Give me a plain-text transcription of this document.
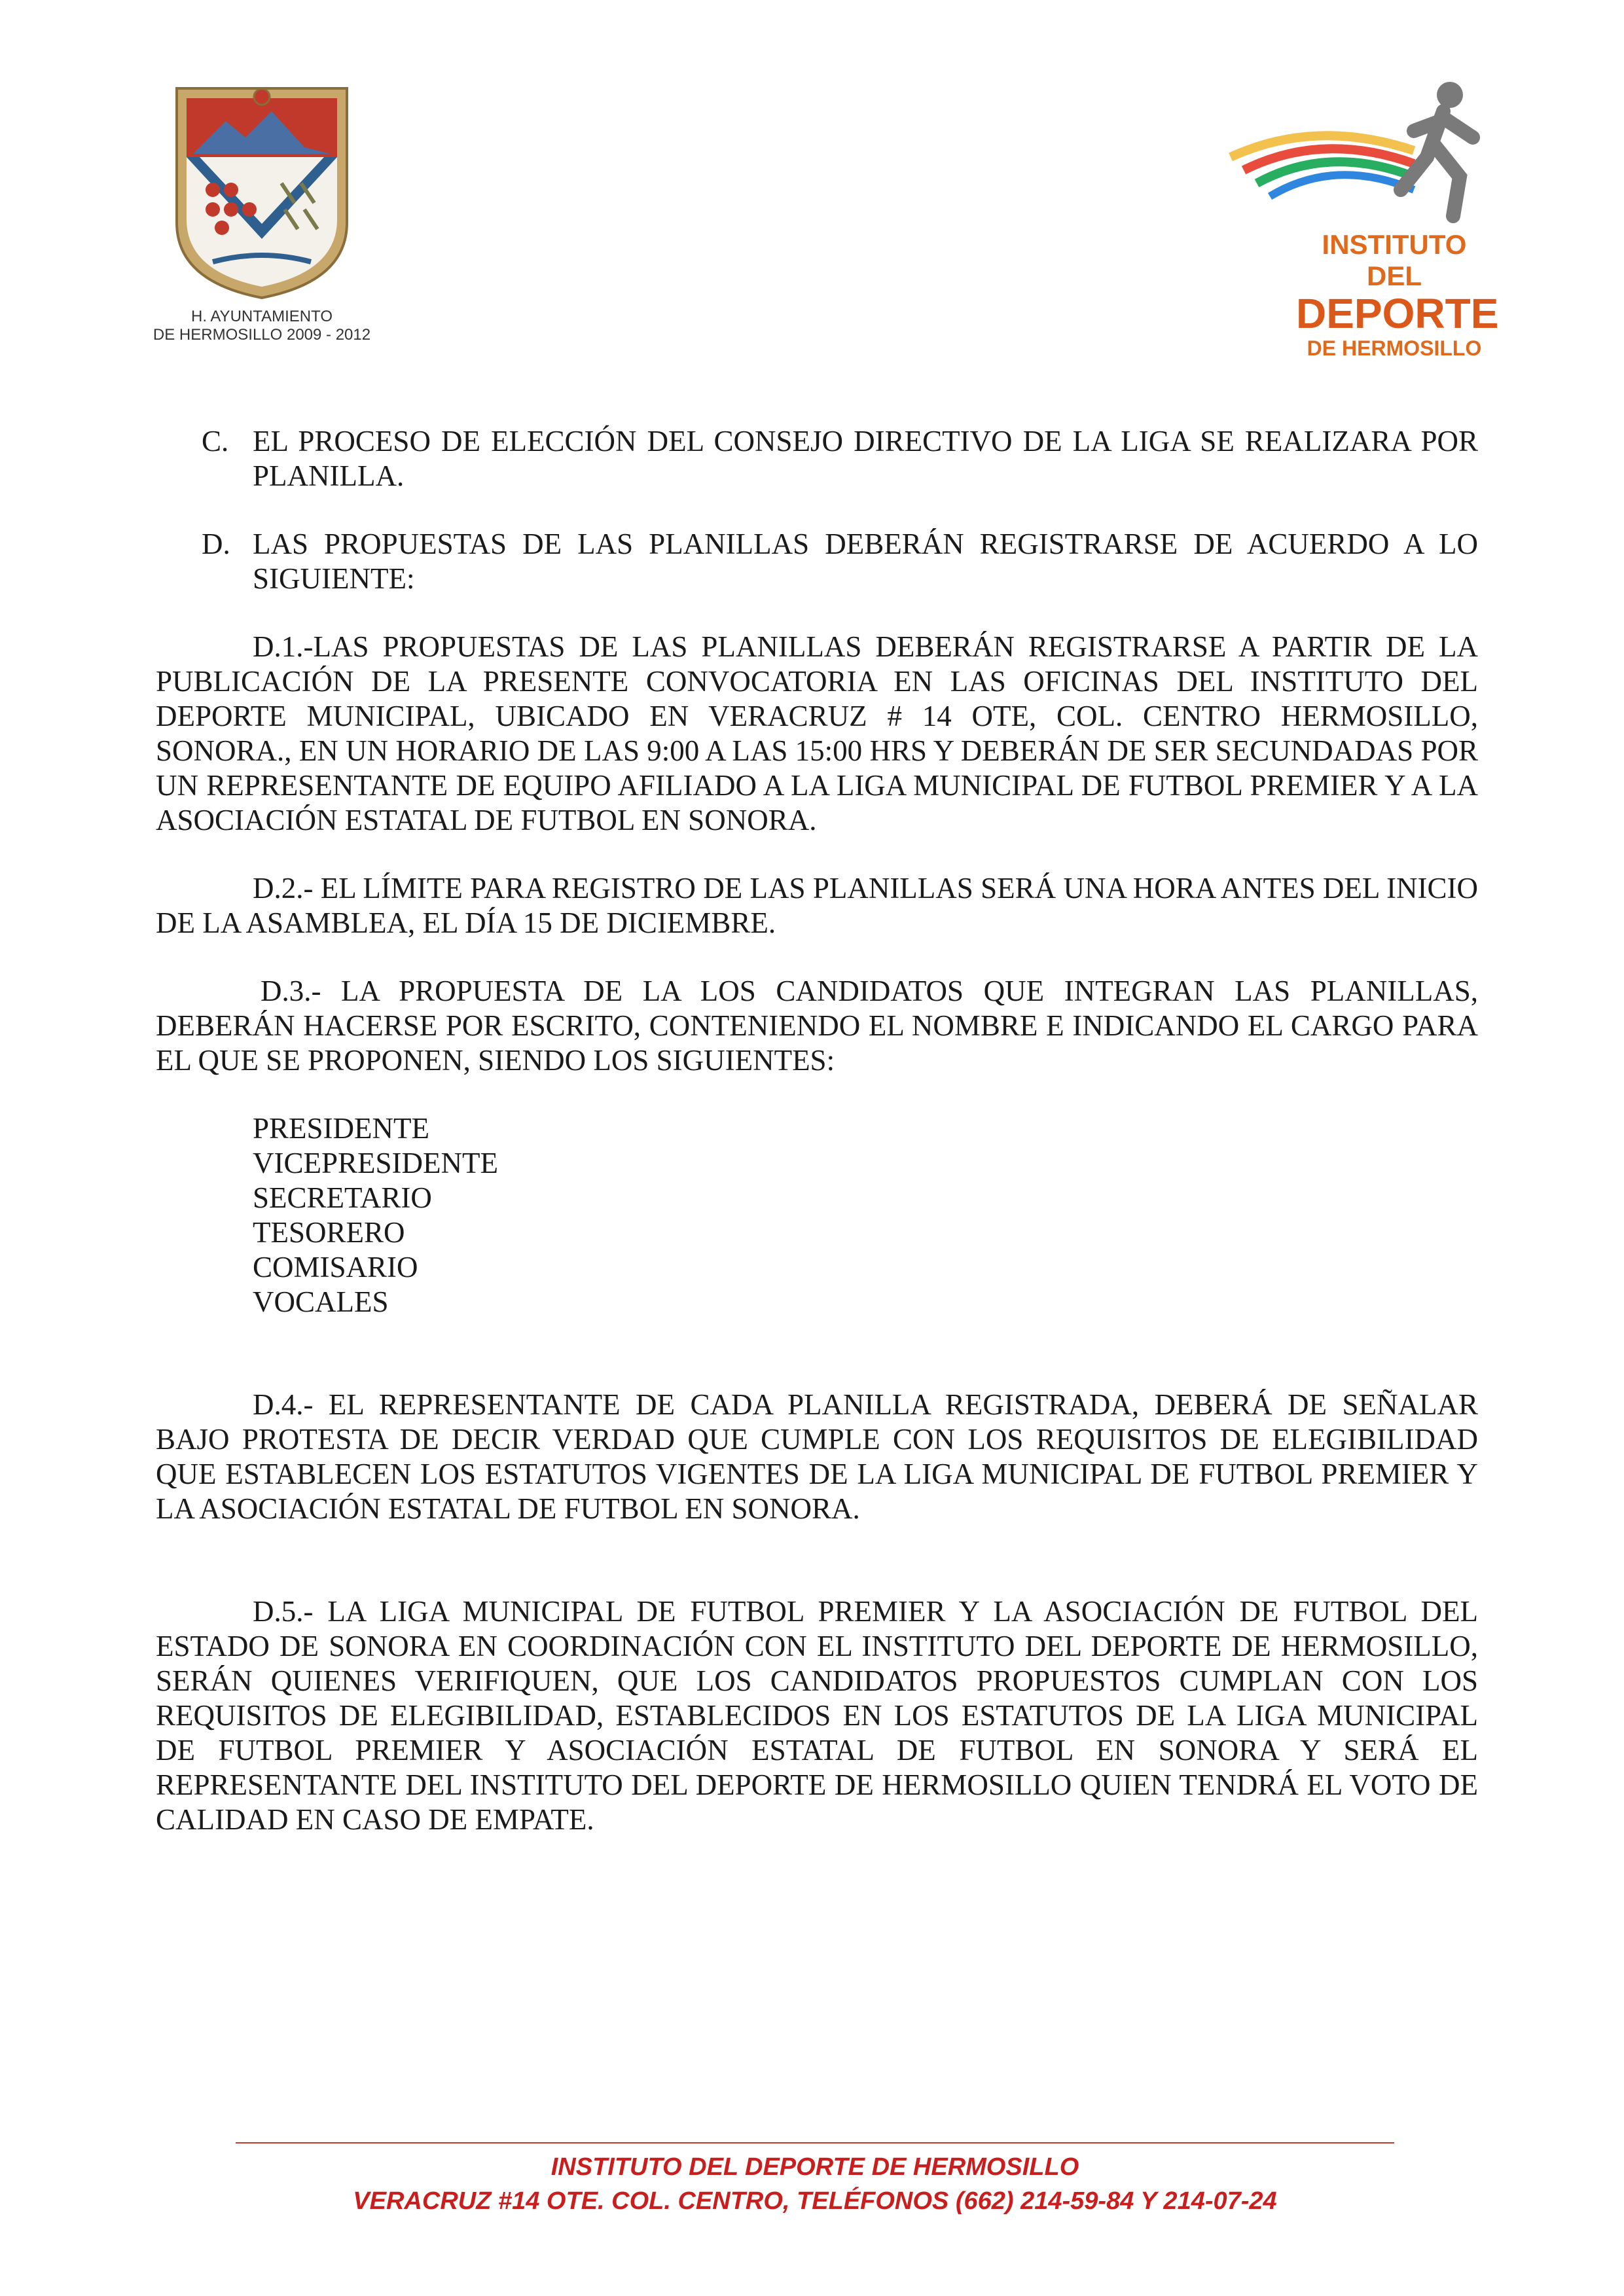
H. AYUNTAMIENTO
DE HERMOSILLO 2009 - 2012
INSTITUTO DEL
DEPORTE
DE HERMOSILLO
C. EL PROCESO DE ELECCIÓN DEL CONSEJO DIRECTIVO DE LA LIGA SE REALIZARA POR PLANILLA.
D. LAS PROPUESTAS DE LAS PLANILLAS DEBERÁN REGISTRARSE DE ACUERDO A LO SIGUIENTE:

D.1.-LAS PROPUESTAS DE LAS PLANILLAS DEBERÁN REGISTRARSE A PARTIR DE LA PUBLICACIÓN DE LA PRESENTE CONVOCATORIA EN LAS OFICINAS DEL INSTITUTO DEL DEPORTE MUNICIPAL, UBICADO EN VERACRUZ # 14 OTE, COL. CENTRO HERMOSILLO, SONORA., EN UN HORARIO DE LAS 9:00 A LAS 15:00 HRS Y DEBERÁN DE SER SECUNDADAS POR UN REPRESENTANTE DE EQUIPO AFILIADO A LA LIGA MUNICIPAL DE FUTBOL PREMIER Y A LA ASOCIACIÓN ESTATAL DE FUTBOL EN SONORA.

D.2.- EL LÍMITE PARA REGISTRO DE LAS PLANILLAS SERÁ UNA HORA ANTES DEL INICIO DE LA ASAMBLEA, EL DÍA 15 DE DICIEMBRE.

D.3.- LA PROPUESTA DE LA LOS CANDIDATOS QUE INTEGRAN LAS PLANILLAS, DEBERÁN HACERSE POR ESCRITO, CONTENIENDO EL NOMBRE E INDICANDO EL CARGO PARA EL QUE SE PROPONEN, SIENDO LOS SIGUIENTES:

PRESIDENTE
VICEPRESIDENTE
SECRETARIO
TESORERO
COMISARIO
VOCALES

D.4.- EL REPRESENTANTE DE CADA PLANILLA REGISTRADA, DEBERÁ DE SEÑALAR BAJO PROTESTA DE DECIR VERDAD QUE CUMPLE CON LOS REQUISITOS DE ELEGIBILIDAD QUE ESTABLECEN LOS ESTATUTOS VIGENTES DE LA LIGA MUNICIPAL DE FUTBOL PREMIER Y LA ASOCIACIÓN ESTATAL DE FUTBOL EN SONORA.

D.5.- LA LIGA MUNICIPAL DE FUTBOL PREMIER Y LA ASOCIACIÓN DE FUTBOL DEL ESTADO DE SONORA EN COORDINACIÓN CON EL INSTITUTO DEL DEPORTE DE HERMOSILLO, SERÁN QUIENES VERIFIQUEN, QUE LOS CANDIDATOS PROPUESTOS CUMPLAN CON LOS REQUISITOS DE ELEGIBILIDAD, ESTABLECIDOS EN LOS ESTATUTOS DE LA LIGA MUNICIPAL DE FUTBOL PREMIER Y ASOCIACIÓN ESTATAL DE FUTBOL EN SONORA Y SERÁ EL REPRESENTANTE DEL INSTITUTO DEL DEPORTE DE HERMOSILLO QUIEN TENDRÁ EL VOTO DE CALIDAD EN CASO DE EMPATE.

INSTITUTO DEL DEPORTE DE HERMOSILLO
VERACRUZ #14 OTE. COL. CENTRO, TELÉFONOS (662) 214-59-84 Y 214-07-24
